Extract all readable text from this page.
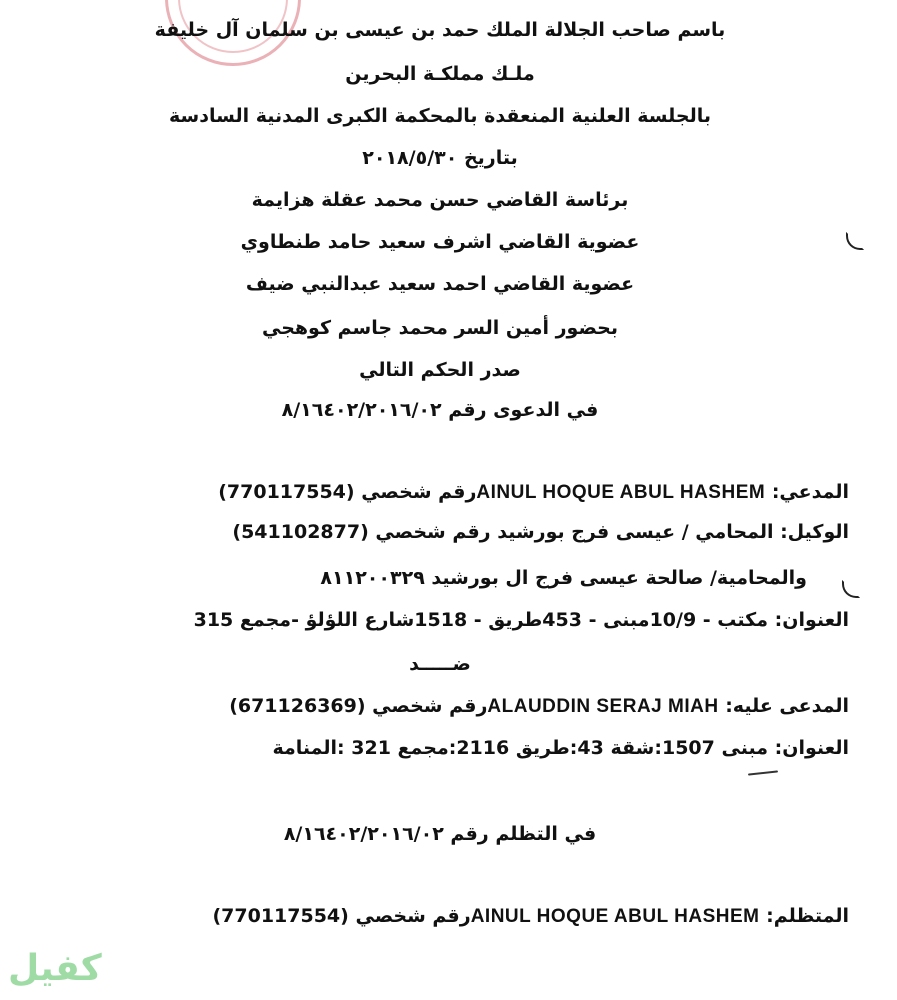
باسم صاحب الجلالة الملك حمد بن عيسى بن سلمان آل خليفة
ملـك مملكـة البحرين
بالجلسة العلنية المنعقدة بالمحكمة الكبرى المدنية السادسة
بتاريخ ٢٠١٨/٥/٣٠
برئاسة القاضي حسن محمد عقلة هزايمة
عضوية القاضي اشرف سعيد حامد طنطاوي
عضوية القاضي احمد سعيد عبدالنبي ضيف
بحضور أمين السر محمد جاسم كوهجي
صدر الحكم التالي
في الدعوى رقم ٨/١٦٤٠٢/٢٠١٦/٠٢
المدعي: AINUL HOQUE ABUL HASHEMرقم شخصي (770117554)
الوكيل: المحامي / عيسى فرج بورشيد رقم شخصي (541102877)
والمحامية/ صالحة عيسى فرج ال بورشيد ٨١١٢٠٠٣٢٩
العنوان: مكتب - 10/9مبنى - 453طريق - 1518شارع اللؤلؤ -مجمع 315
ضـــــد
المدعى عليه: ALAUDDIN SERAJ MIAHرقم شخصي (671126369)
العنوان: مبنى 1507:شقة 43:طريق 2116:مجمع 321 :المنامة
في التظلم رقم ٨/١٦٤٠٢/٢٠١٦/٠٢
المتظلم: AINUL HOQUE ABUL HASHEMرقم شخصي (770117554)
كفيل
